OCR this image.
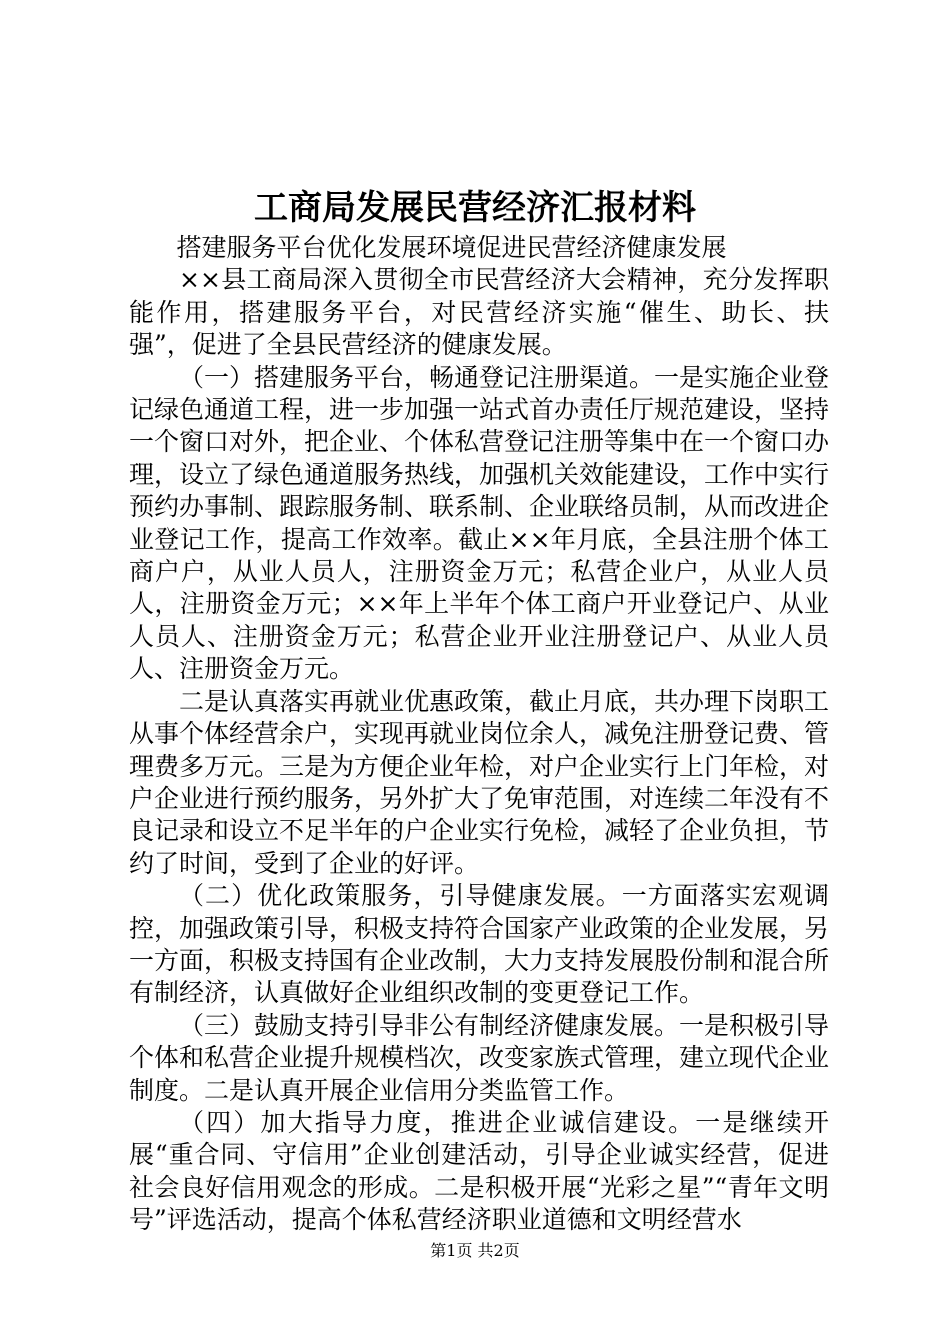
工商局发展民营经济汇报材料

搭建服务平台优化发展环境促进民营经济健康发展

××县工商局深入贯彻全市民营经济大会精神，充分发挥职能作用，搭建服务平台，对民营经济实施“催生、助长、扶强”，促进了全县民营经济的健康发展。

（一）搭建服务平台，畅通登记注册渠道。一是实施企业登记绿色通道工程，进一步加强一站式首办责任厅规范建设，坚持一个窗口对外，把企业、个体私营登记注册等集中在一个窗口办理，设立了绿色通道服务热线，加强机关效能建设，工作中实行预约办事制、跟踪服务制、联系制、企业联络员制，从而改进企业登记工作，提高工作效率。截止××年月底，全县注册个体工商户户，从业人员人，注册资金万元；私营企业户，从业人员人，注册资金万元；××年上半年个体工商户开业登记户、从业人员人、注册资金万元；私营企业开业注册登记户、从业人员人、注册资金万元。

二是认真落实再就业优惠政策，截止月底，共办理下岗职工从事个体经营余户，实现再就业岗位余人，减免注册登记费、管理费多万元。三是为方便企业年检，对户企业实行上门年检，对户企业进行预约服务，另外扩大了免审范围，对连续二年没有不良记录和设立不足半年的户企业实行免检，减轻了企业负担，节约了时间，受到了企业的好评。

（二）优化政策服务，引导健康发展。一方面落实宏观调控，加强政策引导，积极支持符合国家产业政策的企业发展，另一方面，积极支持国有企业改制，大力支持发展股份制和混合所有制经济，认真做好企业组织改制的变更登记工作。

（三）鼓励支持引导非公有制经济健康发展。一是积极引导个体和私营企业提升规模档次，改变家族式管理，建立现代企业制度。二是认真开展企业信用分类监管工作。

（四）加大指导力度，推进企业诚信建设。一是继续开展“重合同、守信用”企业创建活动，引导企业诚实经营，促进社会良好信用观念的形成。二是积极开展“光彩之星”“青年文明号”评选活动，提高个体私营经济职业道德和文明经营水

第1页 共2页
